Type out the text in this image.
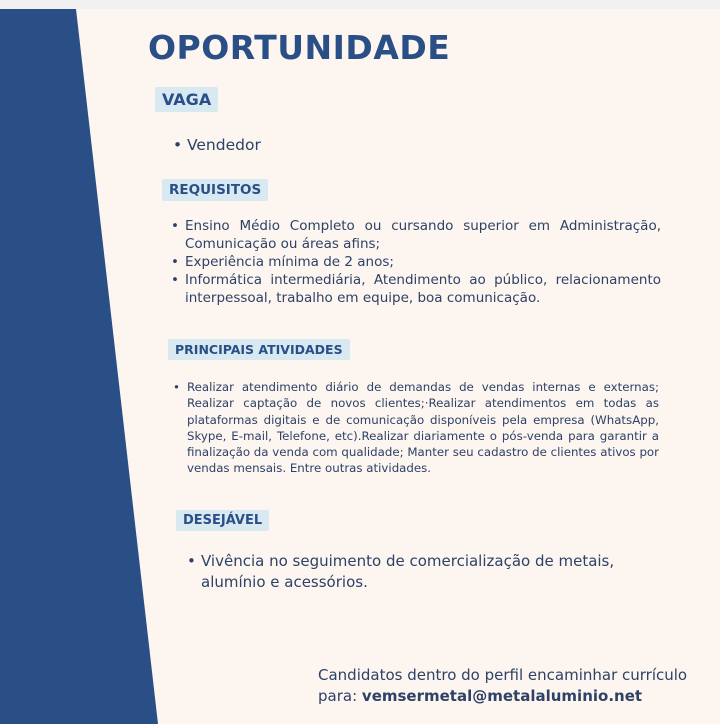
OPORTUNIDADE
VAGA
• Vendedor
REQUISITOS
• Ensino Médio Completo ou cursando superior em Administração, Comunicação ou áreas afins;
• Experiência mínima de 2 anos;
• Informática intermediária, Atendimento ao público, relacionamento interpessoal, trabalho em equipe, boa comunicação.
PRINCIPAIS ATIVIDADES
• Realizar atendimento diário de demandas de vendas internas e externas; Realizar captação de novos clientes;·Realizar atendimentos em todas as plataformas digitais e de comunicação disponíveis pela empresa (WhatsApp, Skype, E-mail, Telefone, etc).Realizar diariamente o pós-venda para garantir a finalização da venda com qualidade; Manter seu cadastro de clientes ativos por vendas mensais. Entre outras atividades.
DESEJÁVEL
• Vivência no seguimento de comercialização de metais, alumínio e acessórios.
Candidatos dentro do perfil encaminhar currículo para: vemsermetal@metalaluminio.net
